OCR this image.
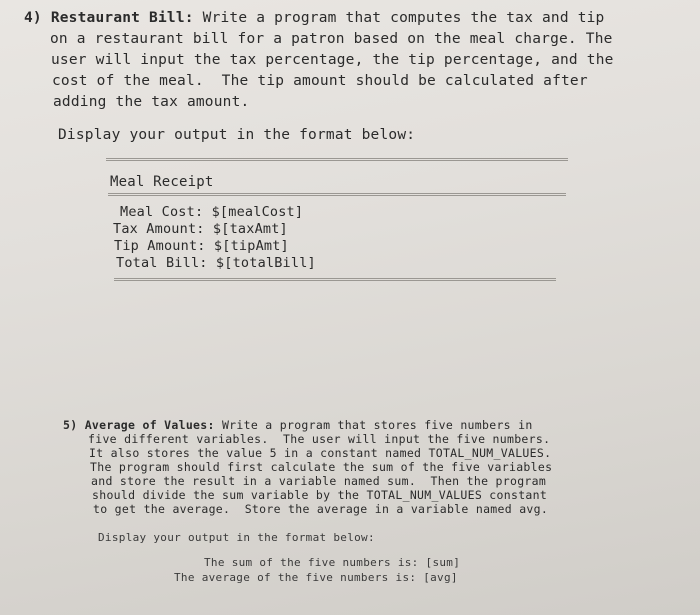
4) Restaurant Bill: Write a program that computes the tax and tip
on a restaurant bill for a patron based on the meal charge. The
user will input the tax percentage, the tip percentage, and the
cost of the meal.  The tip amount should be calculated after
adding the tax amount.
Display your output in the format below:
Meal Receipt
Meal Cost: $[mealCost]
Tax Amount: $[taxAmt]
Tip Amount: $[tipAmt]
Total Bill: $[totalBill]
5) Average of Values: Write a program that stores five numbers in
five different variables.  The user will input the five numbers.
It also stores the value 5 in a constant named TOTAL_NUM_VALUES.
The program should first calculate the sum of the five variables
and store the result in a variable named sum.  Then the program
should divide the sum variable by the TOTAL_NUM_VALUES constant
to get the average.  Store the average in a variable named avg.
Display your output in the format below:
The sum of the five numbers is: [sum]
The average of the five numbers is: [avg]
